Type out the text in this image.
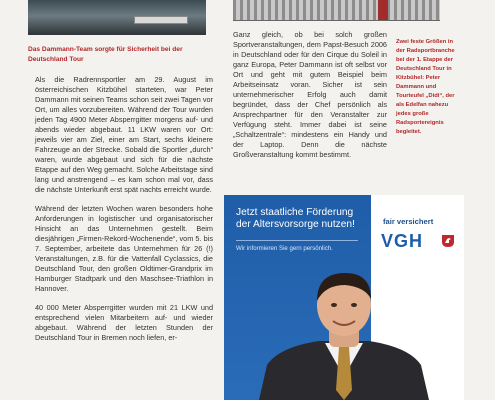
Das Dammann-Team sorgte für Sicherheit bei der Deutschland Tour

Als die Radrennsportler am 29. August im österreichischen Kitzbühel starteten, war Peter Dammann mit seinen Teams schon seit zwei Tagen vor Ort, um alles vorzubereiten. Während der Tour wurden jeden Tag 4900 Meter Absperrgitter morgens auf- und abends wieder abgebaut. 11 LKW waren vor Ort: jeweils vier am Ziel, einer am Start, sechs kleinere Fahrzeuge an der Strecke. Sobald die Sportler „durch“ waren, wurde abgebaut und sich für die nächste Etappe auf den Weg gemacht. Solche Arbeitstage sind lang und anstrengend – es kam schon mal vor, dass die nächste Unterkunft erst spät nachts erreicht wurde.

Während der letzten Wochen waren besonders hohe Anforderungen in logistischer und organisatorischer Hinsicht an das Unternehmen gestellt. Beim diesjährigen „Firmen-Rekord-Wochenende“, vom 5. bis 7. September, arbeitete das Unternehmen für 26 (!) Veranstaltungen, z.B. für die Vattenfall Cyclassics, die Deutschland Tour, den großen Oldtimer-Grandprix im Hamburger Stadtpark und den Maschsee-Triathlon in Hannover.

40 000 Meter Absperrgitter wurden mit 21 LKW und entsprechend vielen Mitarbeitern auf- und wieder abgebaut. Während der letzten Stunden der Deutschland Tour in Bremen noch liefen, er-

Ganz gleich, ob bei solch großen Sportveranstaltungen, dem Papst-Besuch 2006 in Deutschland oder für den Cirque du Soleil in ganz Europa, Peter Dammann ist oft selbst vor Ort und geht mit gutem Beispiel beim Arbeitseinsatz voran. Sicher ist sein unternehmerischer Erfolg auch damit begründet, dass der Chef persönlich als Ansprechpartner für den Veranstalter zur Verfügung steht. Immer dabei ist seine „Schaltzentrale“: mindestens ein Handy und der Laptop. Denn die nächste Großveranstaltung kommt bestimmt.

Zwei feste Größen in der Radsportbranche bei der 1. Etappe der Deutschland Tour in Kitzbühel: Peter Dammann und Tourteufel „Didi“, der als Edelfan nahezu jedes große Radsportereignis begleitet.
Jetzt staatliche Förderung der Altersvorsorge nutzen!
Wir informieren Sie gern persönlich.
fair versichert
VGH
